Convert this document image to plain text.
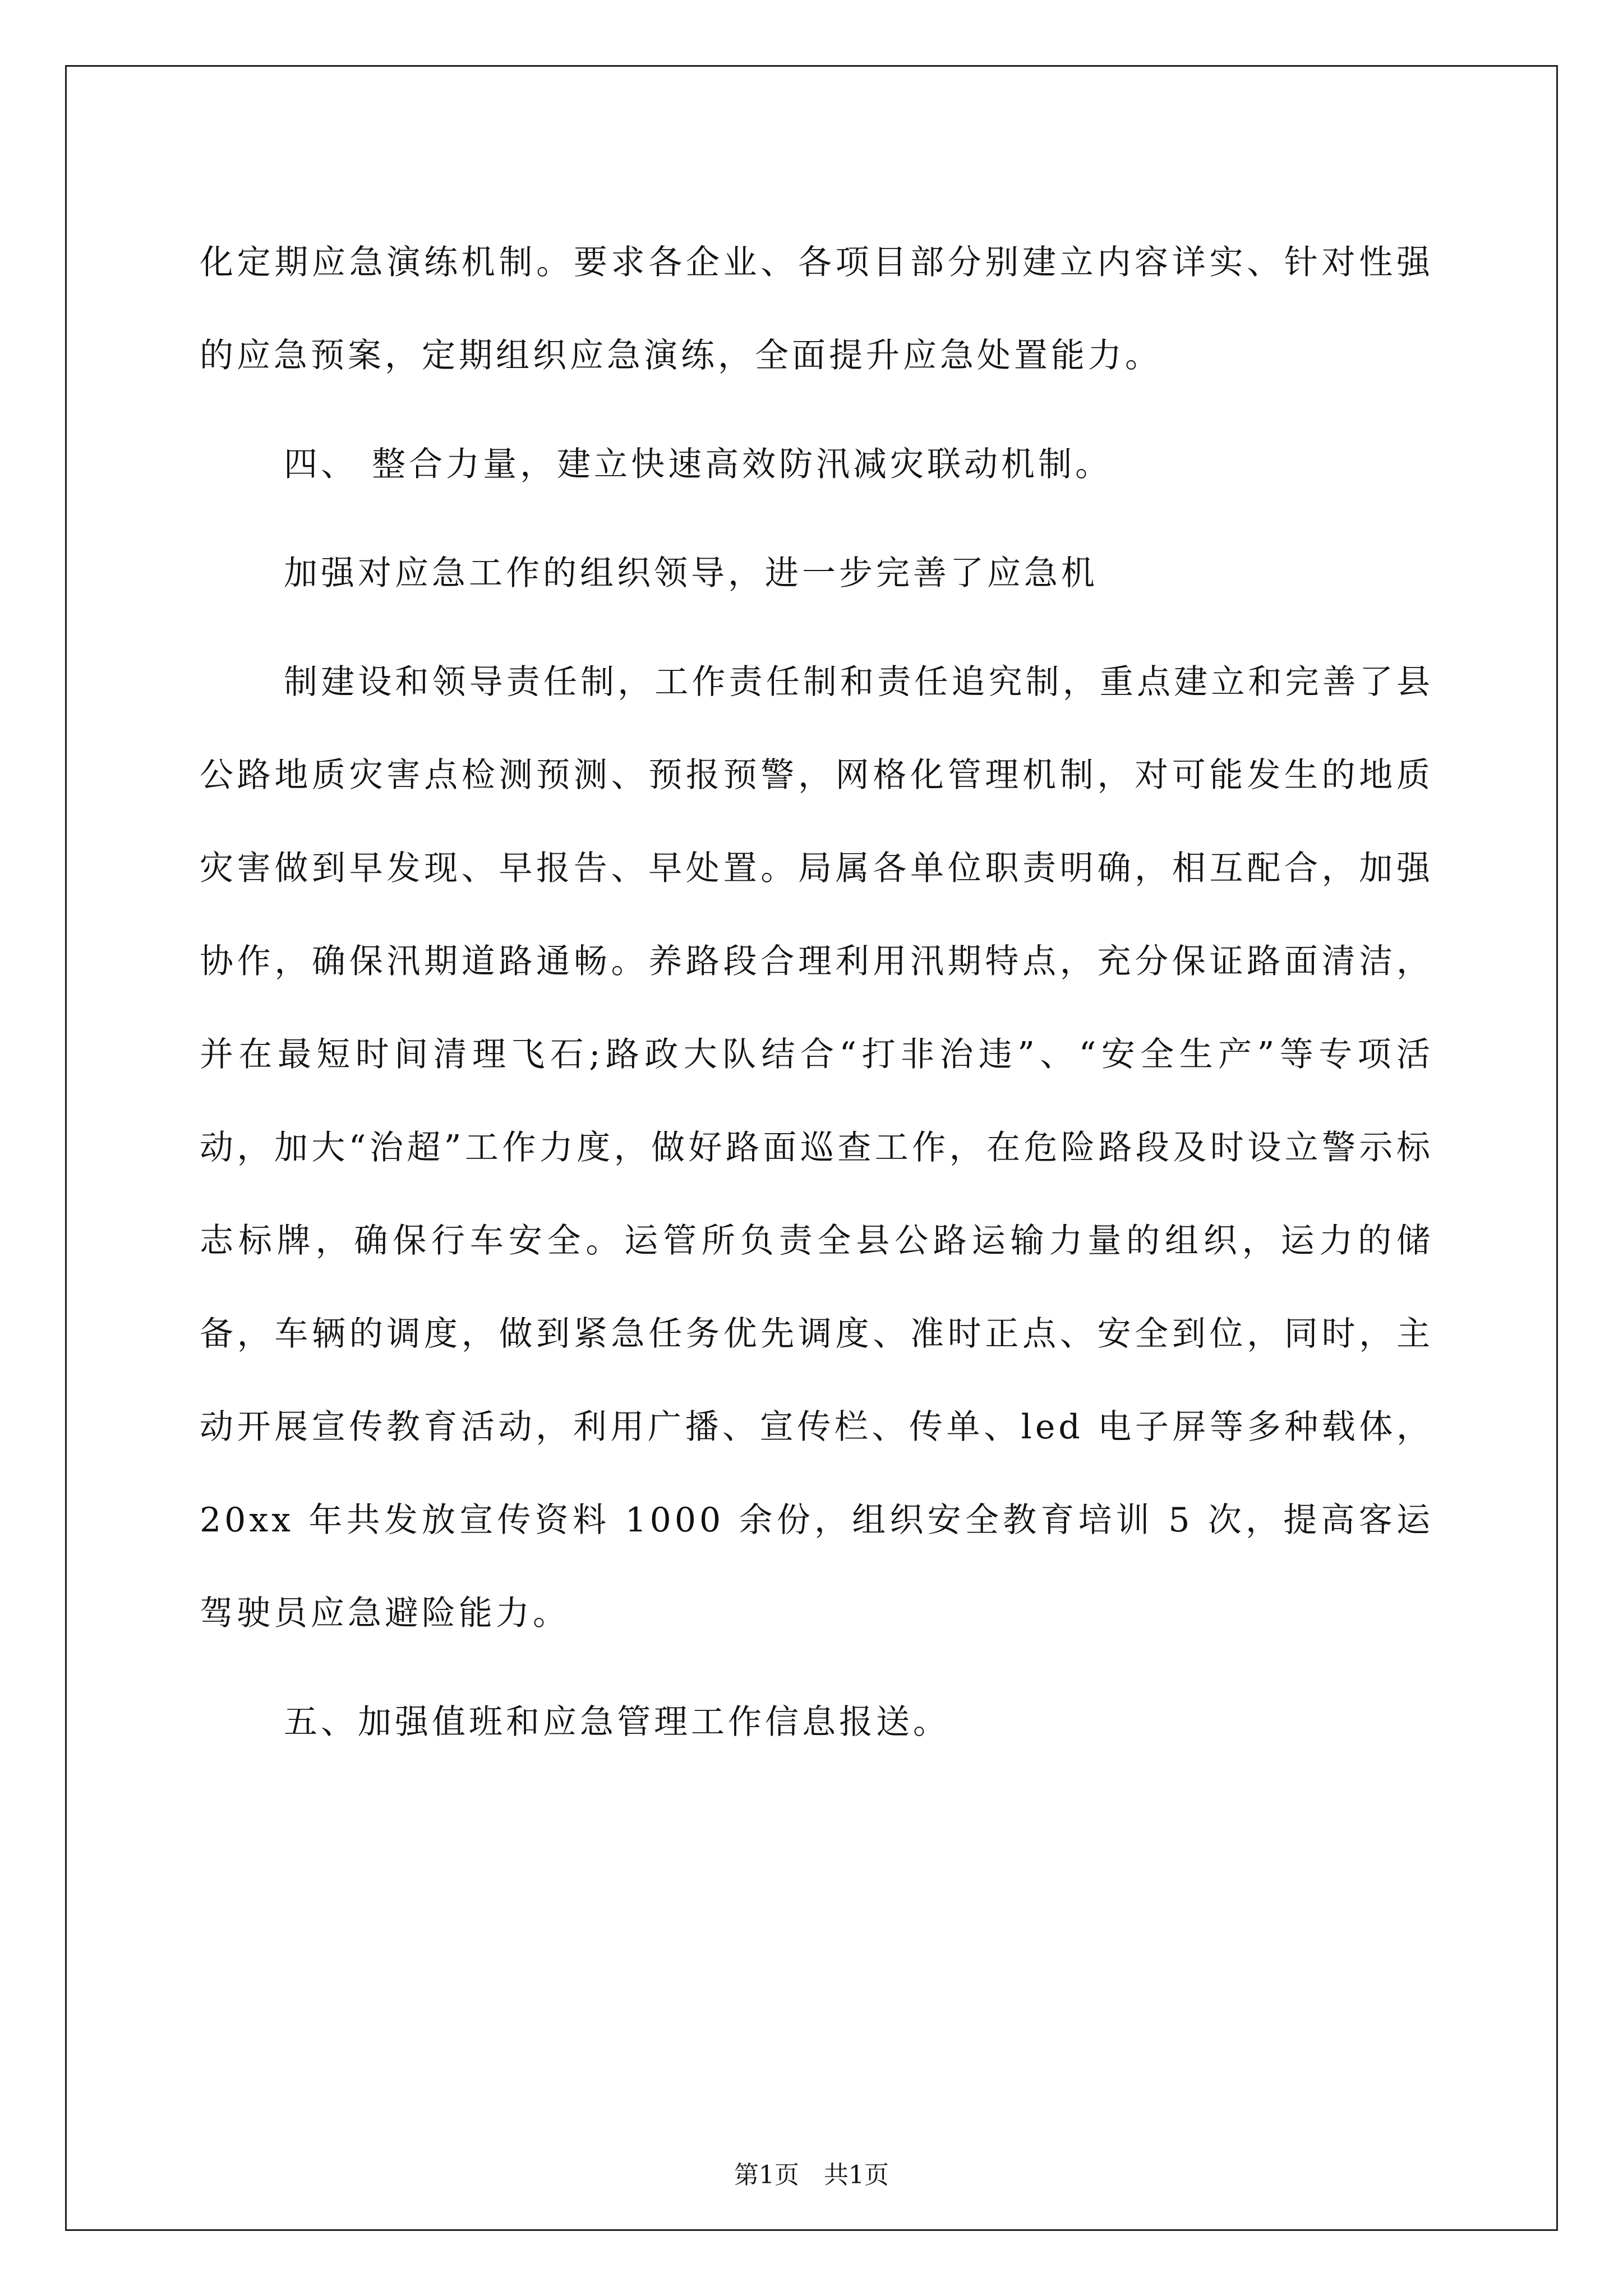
化定期应急演练机制。要求各企业、各项目部分别建立内容详实、针对性强的应急预案，定期组织应急演练，全面提升应急处置能力。

四、 整合力量，建立快速高效防汛减灾联动机制。

加强对应急工作的组织领导，进一步完善了应急机

制建设和领导责任制，工作责任制和责任追究制，重点建立和完善了县公路地质灾害点检测预测、预报预警，网格化管理机制，对可能发生的地质灾害做到早发现、早报告、早处置。局属各单位职责明确，相互配合，加强协作，确保汛期道路通畅。养路段合理利用汛期特点，充分保证路面清洁，并在最短时间清理飞石;路政大队结合“打非治违”、“安全生产”等专项活动，加大“治超”工作力度，做好路面巡查工作，在危险路段及时设立警示标志标牌，确保行车安全。运管所负责全县公路运输力量的组织，运力的储备，车辆的调度，做到紧急任务优先调度、准时正点、安全到位，同时，主动开展宣传教育活动，利用广播、宣传栏、传单、led 电子屏等多种载体，20xx 年共发放宣传资料 1000 余份，组织安全教育培训 5 次，提高客运驾驶员应急避险能力。

五、加强值班和应急管理工作信息报送。

第1页　共1页
